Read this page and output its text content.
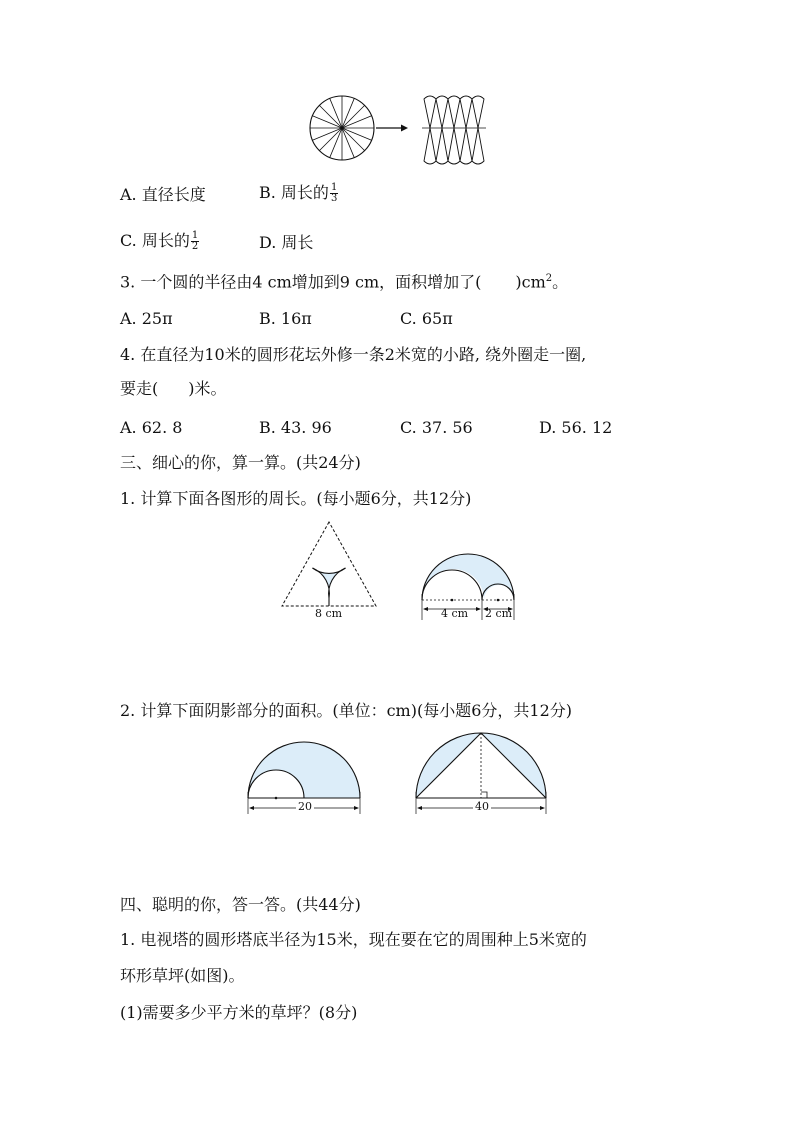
A. 直径长度	B. 周长的 $\frac{1}{3}$
C. 周长的 $\frac{1}{2}$	D. 周长
3. 一个圆的半径由4 cm增加到9 cm，面积增加了( )$cm^2$。
A. 25π	B. 16π	C. 65π
4. 在直径为10米的圆形花坛外修一条2米宽的小路, 绕外圈走一圈,
要走( )米。
A. 62. 8	B. 43. 96	C. 37. 56	D. 56. 12
三、细心的你，算一算。(共24分)
1. 计算下面各图形的周长。(每小题6分，共12分)
8 cm	4 cm 2 cm
2. 计算下面阴影部分的面积。(单位：cm)(每小题6分，共12分)
20	40
四、聪明的你，答一答。(共44分)
1. 电视塔的圆形塔底半径为15米，现在要在它的周围种上5米宽的
环形草坪(如图)。
(1)需要多少平方米的草坪？(8分)
